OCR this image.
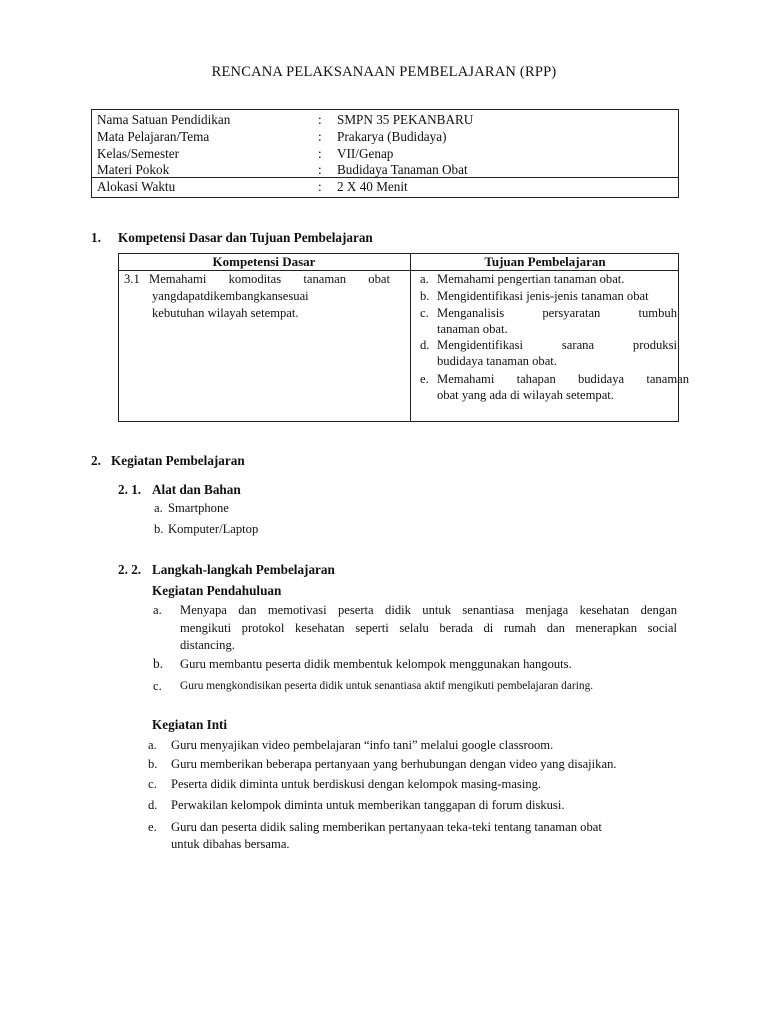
RENCANA PELAKSANAAN PEMBELAJARAN (RPP)
Nama Satuan Pendidikan	: SMPN 35 PEKANBARU
Mata Pelajaran/Tema	: Prakarya (Budidaya)
Kelas/Semester	: VII/Genap
Materi Pokok	: Budidaya Tanaman Obat
Alokasi Waktu	: 2 X 40 Menit
1. Kompetensi Dasar dan Tujuan Pembelajaran
Kompetensi Dasar	Tujuan Pembelajaran
3.1 Memahami komoditas tanaman obat
yangdapatdikembangkansesuai
kebutuhan wilayah setempat.
a. Memahami pengertian tanaman obat.
b. Mengidentifikasi jenis-jenis tanaman obat
c. Menganalisis persyaratan tumbuh
tanaman obat.
d. Mengidentifikasi sarana produksi
budidaya tanaman obat.
e. Memahami tahapan budidaya tanaman
obat yang ada di wilayah setempat.
2. Kegiatan Pembelajaran
2. 1. Alat dan Bahan
a. Smartphone
b. Komputer/Laptop
2. 2. Langkah-langkah Pembelajaran
Kegiatan Pendahuluan
a. Menyapa dan memotivasi peserta didik untuk senantiasa menjaga kesehatan dengan
mengikuti protokol kesehatan seperti selalu berada di rumah dan menerapkan social
distancing.
b. Guru membantu peserta didik membentuk kelompok menggunakan hangouts.
c. Guru mengkondisikan peserta didik untuk senantiasa aktif mengikuti pembelajaran daring.
Kegiatan Inti
a. Guru menyajikan video pembelajaran “info tani” melalui google classroom.
b. Guru memberikan beberapa pertanyaan yang berhubungan dengan video yang disajikan.
c. Peserta didik diminta untuk berdiskusi dengan kelompok masing-masing.
d. Perwakilan kelompok diminta untuk memberikan tanggapan di forum diskusi.
e. Guru dan peserta didik saling memberikan pertanyaan teka-teki tentang tanaman obat
untuk dibahas bersama.
